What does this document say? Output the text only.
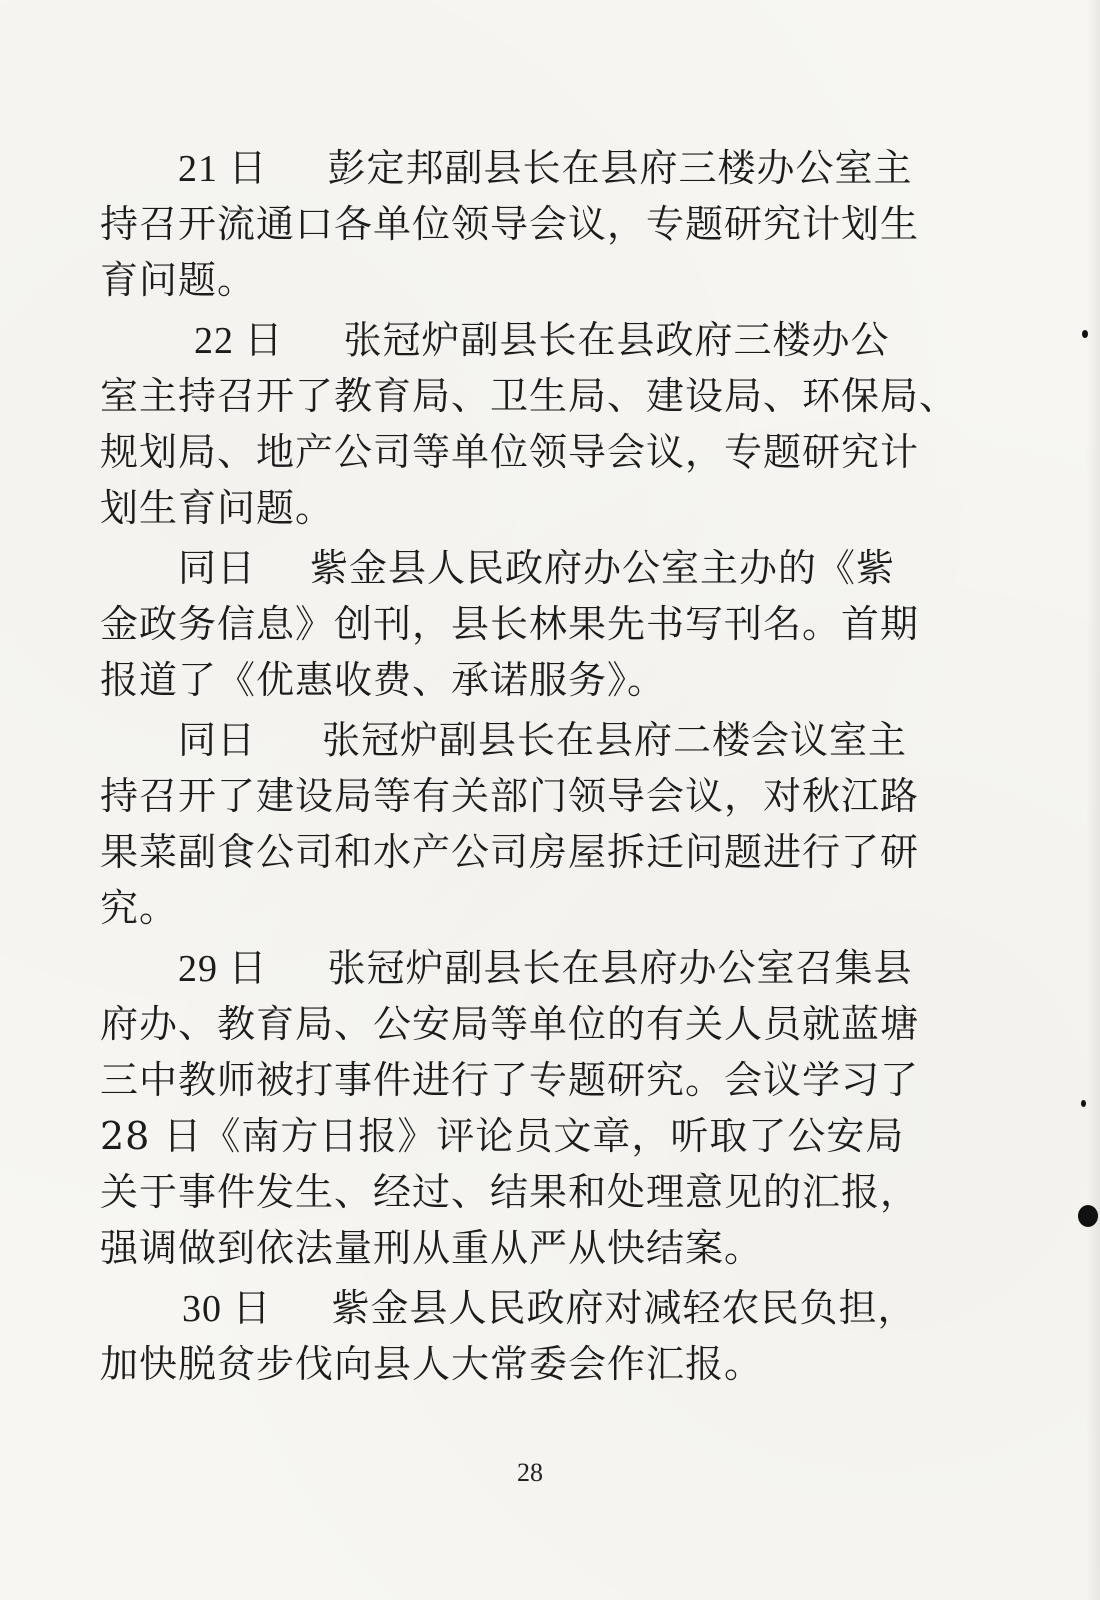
21 日 彭定邦副县长在县府三楼办公室主
持召开流通口各单位领导会议，专题研究计划生
育问题。
22 日 张冠炉副县长在县政府三楼办公
室主持召开了教育局、卫生局、建设局、环保局、
规划局、地产公司等单位领导会议，专题研究计
划生育问题。
同日 紫金县人民政府办公室主办的《紫
金政务信息》创刊，县长林果先书写刊名。首期
报道了《优惠收费、承诺服务》。
同日 张冠炉副县长在县府二楼会议室主
持召开了建设局等有关部门领导会议，对秋江路
果菜副食公司和水产公司房屋拆迁问题进行了研
究。
29 日 张冠炉副县长在县府办公室召集县
府办、教育局、公安局等单位的有关人员就蓝塘
三中教师被打事件进行了专题研究。会议学习了
28 日《南方日报》评论员文章，听取了公安局
关于事件发生、经过、结果和处理意见的汇报，
强调做到依法量刑从重从严从快结案。
30 日 紫金县人民政府对减轻农民负担，
加快脱贫步伐向县人大常委会作汇报。
28
